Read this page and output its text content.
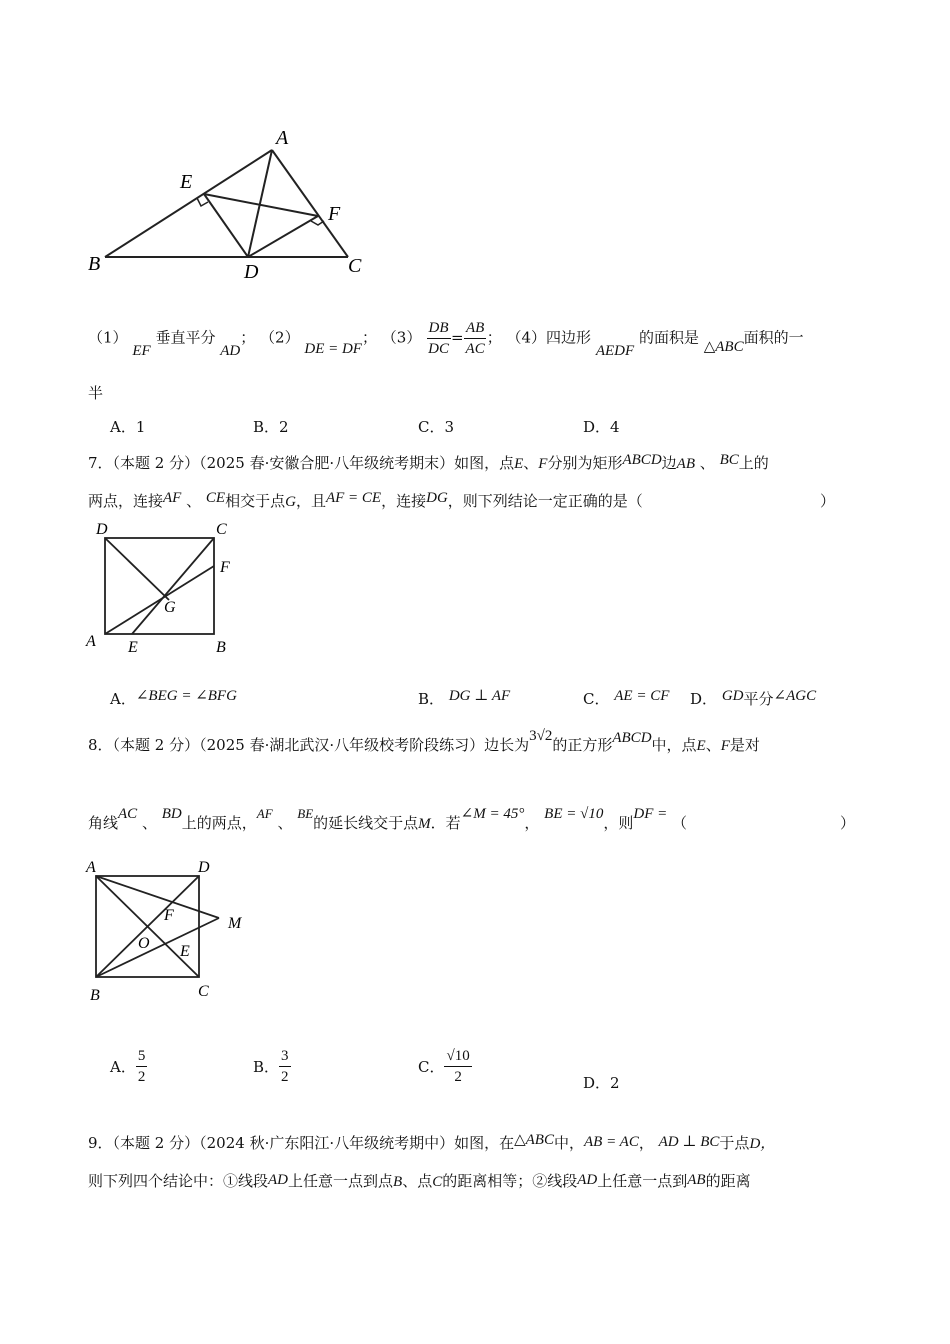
A
E
F
B	D	C
（1） EF 垂直平分 AD； （2） DE = DF； $(3) \frac{DB}{DC} = \frac{AB}{AC}$ ； （4）四边形 AEDF 的面积是 △ABC面积的一
半
A．1	B．2	C．3	D．4
7．（本题 2 分）（2025 春·安徽合肥·八年级统考期末）如图，点E、F分别为矩形ABCD边AB 、 BC上的
两点，连接AF 、 CE相交于点G，且AF = CE，连接DG，则下列结论一定正确的是（	）
D	C
F
G
A E	B
A．∠BEG = ∠BFG	B． DG ⊥ AF	C． AE = CF D． GD平分∠AGC
8．（本题 2 分）（2025 春·湖北武汉·八年级校考阶段练习）边长为3√2的正方形ABCD中，点E、F是对
角线AC 、 BD上的两点，AF 、 BE的延长线交于点M．若∠M = 45°， BE = √10，则DF = （	）
A	D
F	M
O E
B	C
A． $\frac{5}{2}$	B． $\frac{3}{2}$	C． $\frac{√10}{2}$	D．2
9．（本题 2 分）（2024 秋·广东阳江·八年级统考期中）如图，在△ABC中，AB = AC， AD ⊥ BC于点D，
则下列四个结论中：①线段AD上任意一点到点B、点C的距离相等；②线段AD上任意一点到AB的距离
